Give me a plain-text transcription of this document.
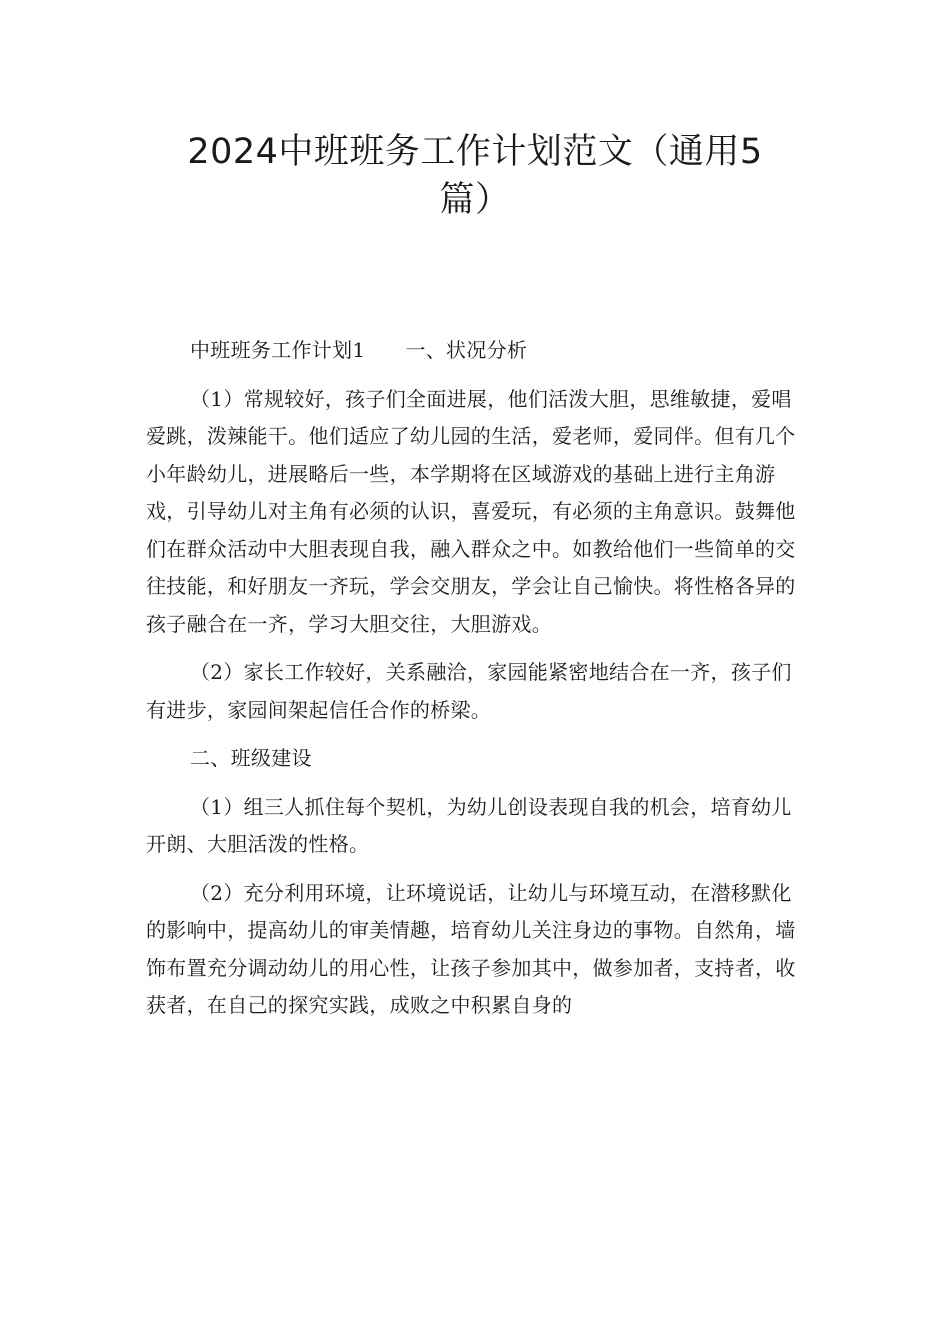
2024中班班务工作计划范文（通用5
篇）

中班班务工作计划1 一、状况分析

（1）常规较好，孩子们全面进展，他们活泼大胆，思维敏捷，爱唱爱跳，泼辣能干。他们适应了幼儿园的生活，爱老师，爱同伴。但有几个小年龄幼儿，进展略后一些，本学期将在区域游戏的基础上进行主角游戏，引导幼儿对主角有必须的认识，喜爱玩，有必须的主角意识。鼓舞他们在群众活动中大胆表现自我，融入群众之中。如教给他们一些简单的交往技能，和好朋友一齐玩，学会交朋友，学会让自己愉快。将性格各异的孩子融合在一齐，学习大胆交往，大胆游戏。

（2）家长工作较好，关系融洽，家园能紧密地结合在一齐，孩子们有进步，家园间架起信任合作的桥梁。

二、班级建设

（1）组三人抓住每个契机，为幼儿创设表现自我的机会，培育幼儿开朗、大胆活泼的性格。

（2）充分利用环境，让环境说话，让幼儿与环境互动，在潜移默化的影响中，提高幼儿的审美情趣，培育幼儿关注身边的事物。自然角，墙饰布置充分调动幼儿的用心性，让孩子参加其中，做参加者，支持者，收获者，在自己的探究实践，成败之中积累自身的
